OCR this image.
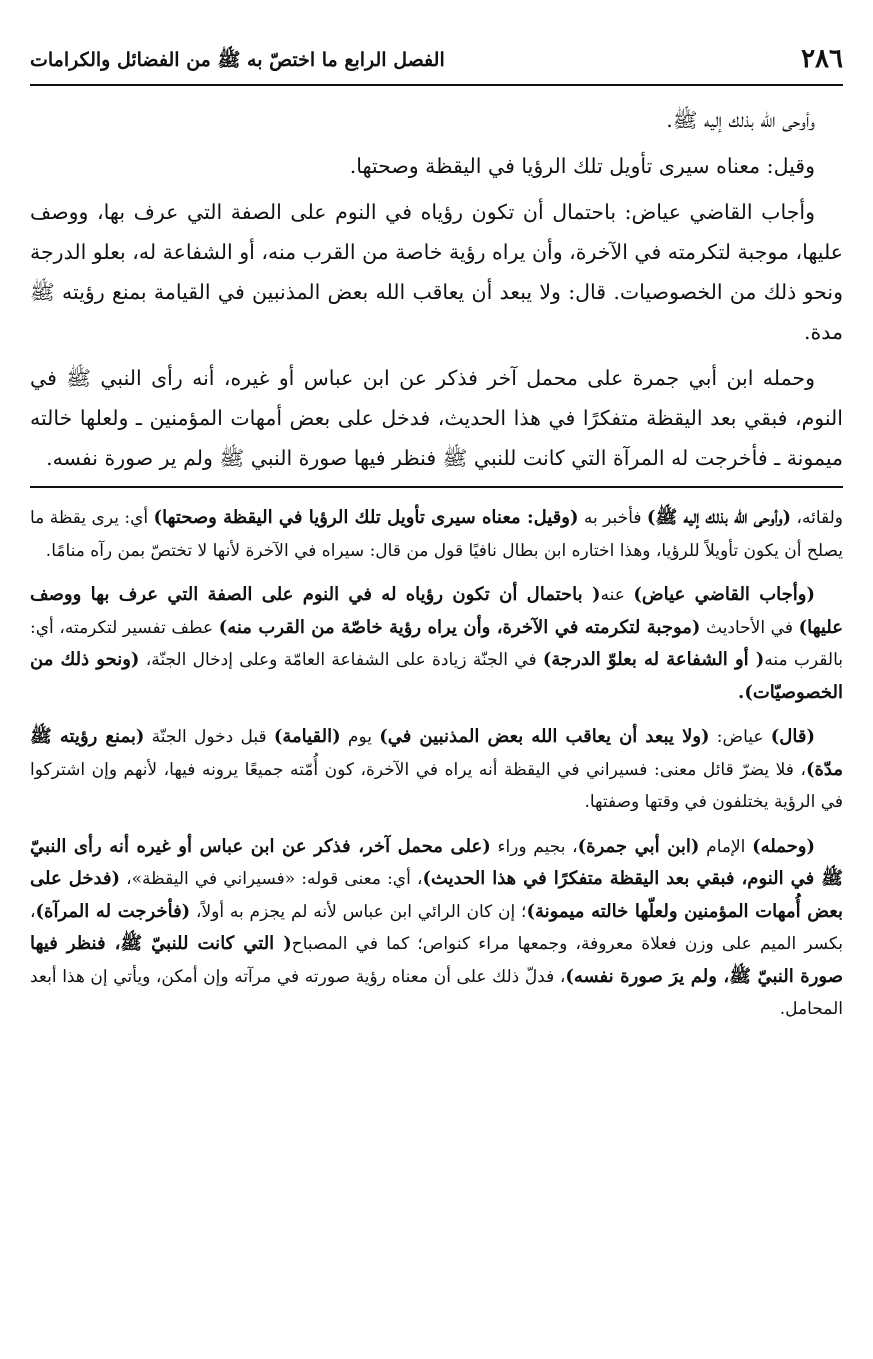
٢٨٦
الفصل الرابع ما اختصّ به ﷺ من الفضائل والكرامات

وأوحى الله بذلك إليه ﷺ.

وقيل: معناه سيرى تأويل تلك الرؤيا في اليقظة وصحتها.

وأجاب القاضي عياض: باحتمال أن تكون رؤياه في النوم على الصفة التي عرف بها، ووصف عليها، موجبة لتكرمته في الآخرة، وأن يراه رؤية خاصة من القرب منه، أو الشفاعة له، بعلو الدرجة ونحو ذلك من الخصوصيات. قال: ولا يبعد أن يعاقب الله بعض المذنبين في القيامة بمنع رؤيته ﷺ مدة.

وحمله ابن أبي جمرة على محمل آخر فذكر عن ابن عباس أو غيره، أنه رأى النبي ﷺ في النوم، فبقي بعد اليقظة متفكرًا في هذا الحديث، فدخل على بعض أمهات المؤمنين ـ ولعلها خالته ميمونة ـ فأخرجت له المرآة التي كانت للنبي ﷺ فنظر فيها صورة النبي ﷺ ولم ير صورة نفسه.

ولقائه، (وأوحى الله بذلك إليه ﷺ) فأخبر به (وقيل: معناه سيرى تأويل تلك الرؤيا في اليقظة وصحتها) أي: يرى يقظة ما يصلح أن يكون تأويلاً للرؤيا، وهذا اختاره ابن بطال نافيًا قول من قال: سيراه في الآخرة لأنها لا تختصّ بمن رآه منامًا.

(وأجاب القاضي عياض) عنه( باحتمال أن تكون رؤياه له في النوم على الصفة التي عرف بها ووصف عليها) في الأحاديث (موجبة لتكرمته في الآخرة، وأن يراه رؤية خاصّة من القرب منه) عطف تفسير لتكرمته، أي: بالقرب منه( أو الشفاعة له بعلوّ الدرجة) في الجنّة زيادة على الشفاعة العامّة وعلى إدخال الجنّة، (ونحو ذلك من الخصوصيّات).

(قال) عياض: (ولا يبعد أن يعاقب الله بعض المذنبين في) يوم (القيامة) قبل دخول الجنّة (بمنع رؤيته ﷺ مدّة)، فلا يضرّ قائل معنى: فسيراني في اليقظة أنه يراه في الآخرة، كون أُمّته جميعًا يرونه فيها، لأنهم وإن اشتركوا في الرؤية يختلفون في وقتها وصفتها.

(وحمله) الإمام (ابن أبي جمرة)، بجيم وراء (على محمل آخر، فذكر عن ابن عباس أو غيره أنه رأى النبيّ ﷺ في النوم، فبقي بعد اليقظة متفكرًا في هذا الحديث)، أي: معنى قوله: «فسيراني في اليقظة»، (فدخل على بعض أُمهات المؤمنين ولعلّها خالته ميمونة)؛ إن كان الرائي ابن عباس لأنه لم يجزم به أولاً، (فأخرجت له المرآة)، بكسر الميم على وزن فعلاة معروفة، وجمعها مراء كنواص؛ كما في المصباح( التي كانت للنبيّ ﷺ، فنظر فيها صورة النبيّ ﷺ، ولم يرَ صورة نفسه)، فدلّ ذلك على أن معناه رؤية صورته في مرآته وإن أمكن، ويأتي إن هذا أبعد المحامل.
